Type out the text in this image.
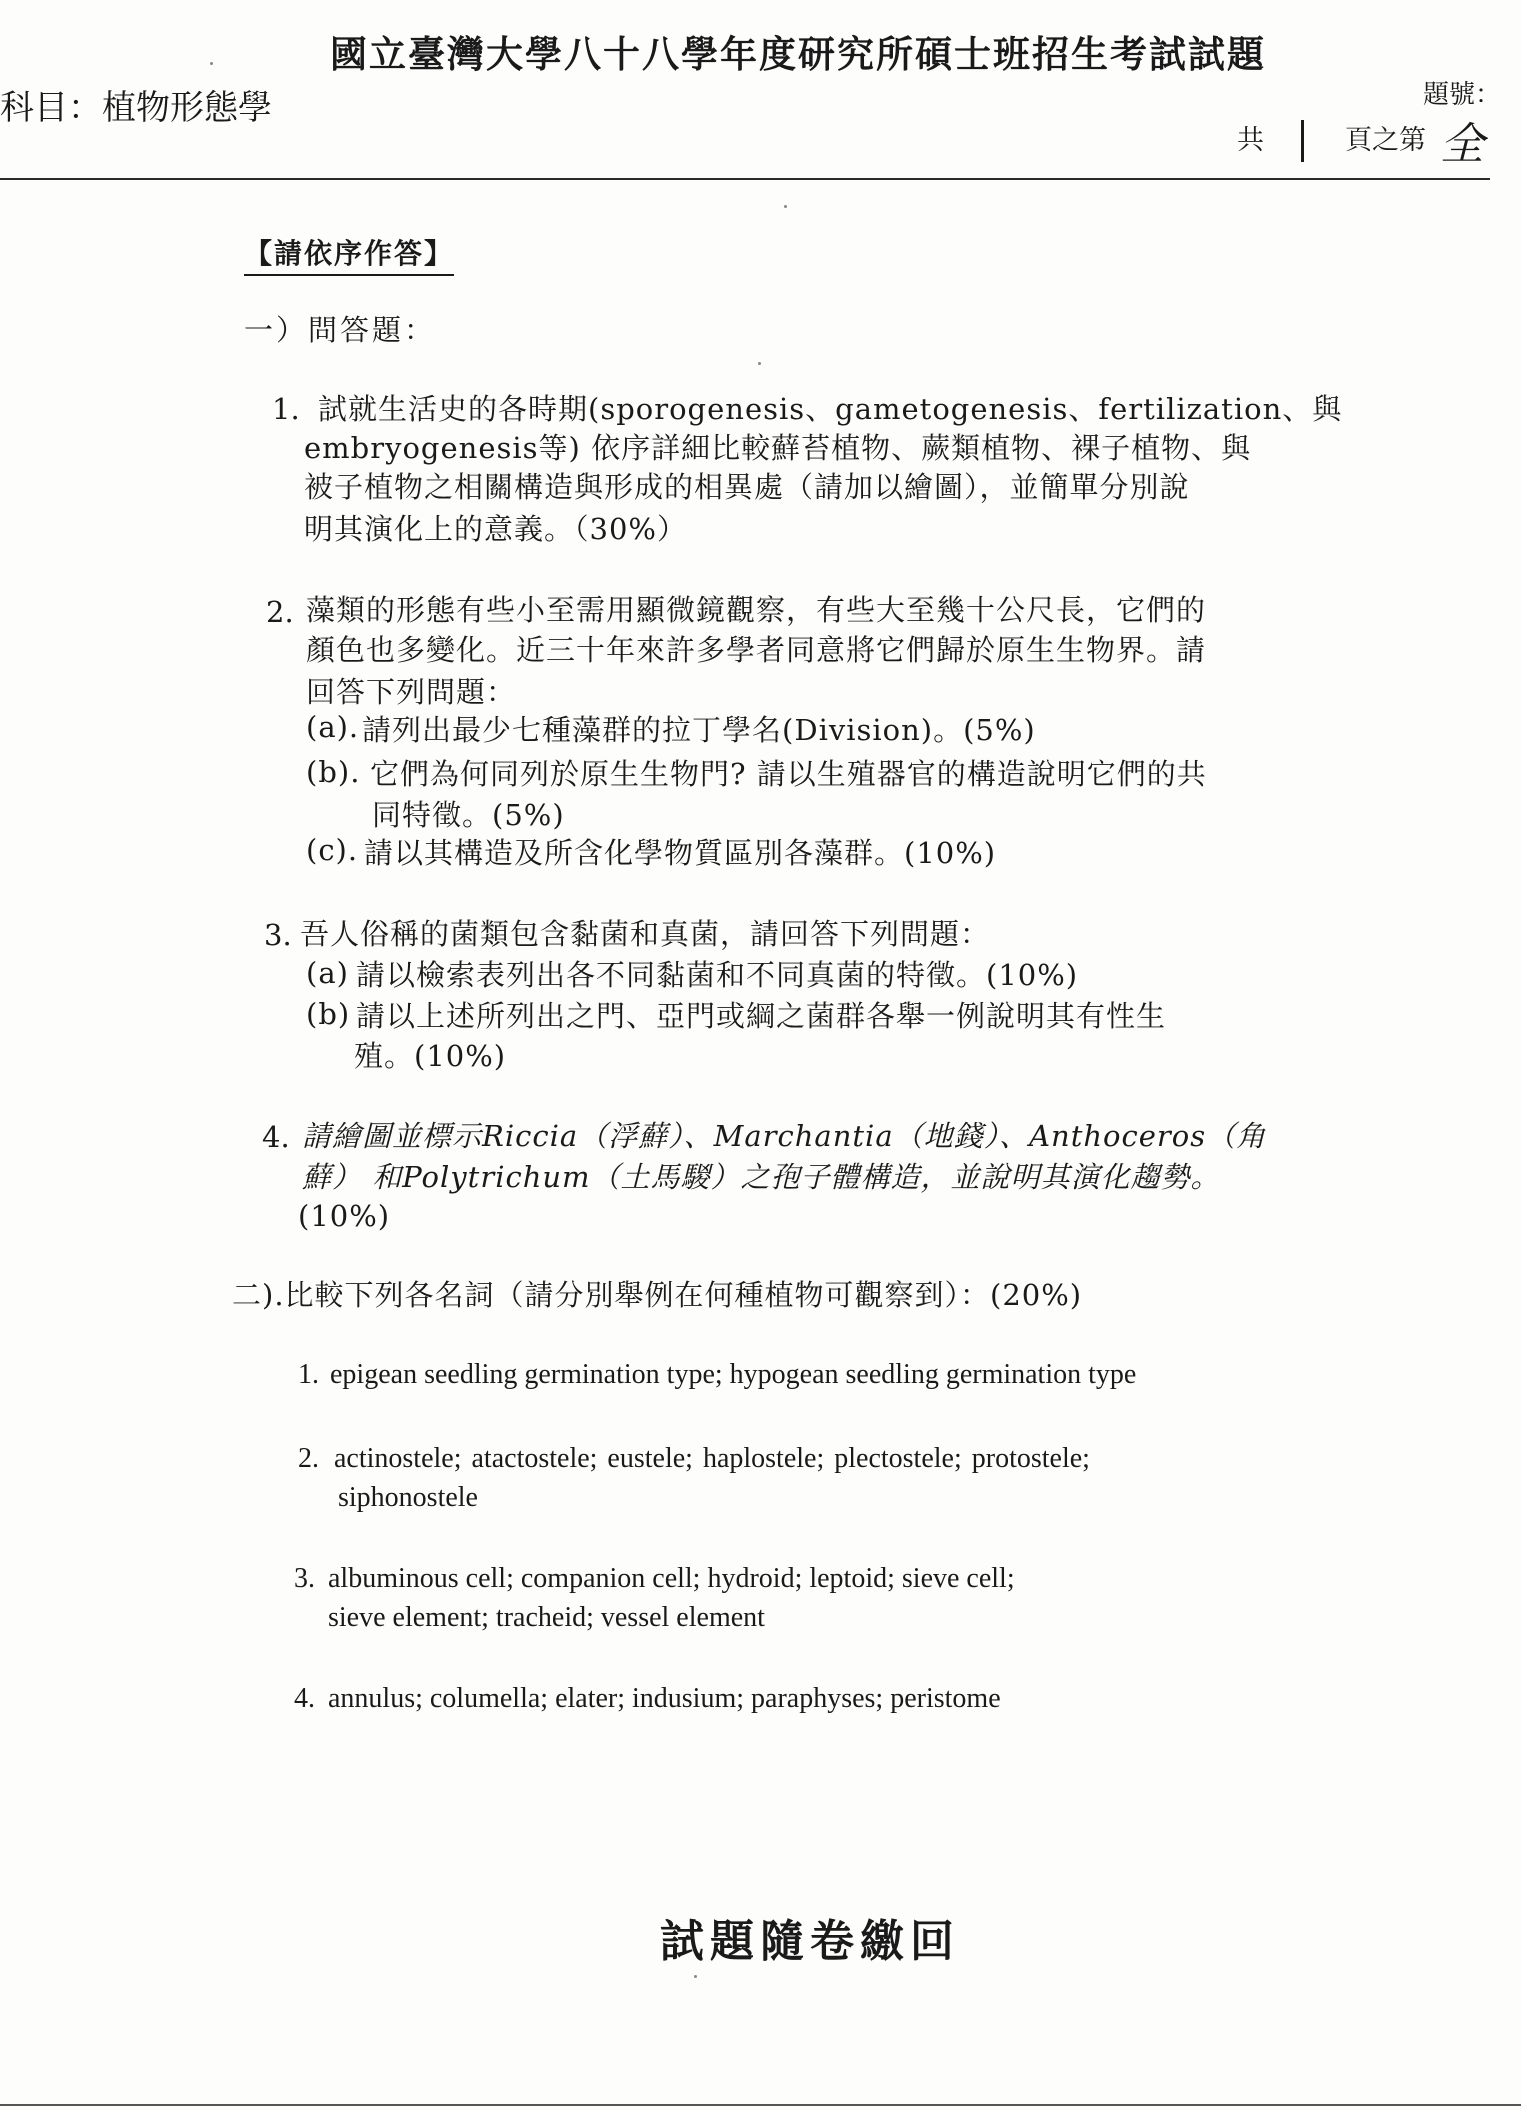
國立臺灣大學八十八學年度研究所碩士班招生考試試題
科目：植物形態學	題號：
共	頁之第 全
【請依序作答】
一）問答題：
1. 試就生活史的各時期(sporogenesis、gametogenesis、fertilization、與
embryogenesis等) 依序詳細比較蘚苔植物、蕨類植物、裸子植物、與
被子植物之相關構造與形成的相異處（請加以繪圖），並簡單分別說
明其演化上的意義。（30%）
2. 藻類的形態有些小至需用顯微鏡觀察，有些大至幾十公尺長，它們的
顏色也多變化。近三十年來許多學者同意將它們歸於原生生物界。請
回答下列問題：
(a). 請列出最少七種藻群的拉丁學名(Division)。(5%)
(b). 它們為何同列於原生生物門? 請以生殖器官的構造說明它們的共
同特徵。(5%)
(c). 請以其構造及所含化學物質區別各藻群。(10%)
3. 吾人俗稱的菌類包含黏菌和真菌，請回答下列問題：
(a) 請以檢索表列出各不同黏菌和不同真菌的特徵。(10%)
(b) 請以上述所列出之門、亞門或綱之菌群各舉一例說明其有性生
殖。(10%)
4. 請繪圖並標示Riccia（浮蘚）、Marchantia（地錢）、Anthoceros（角
蘚） 和Polytrichum（土馬騣）之孢子體構造，並說明其演化趨勢。
(10%)
二).比較下列各名詞（請分別舉例在何種植物可觀察到）：(20%)
1. epigean seedling germination type; hypogean seedling germination type
2. actinostele; atactostele; eustele; haplostele; plectostele; protostele;
siphonostele
3. albuminous cell; companion cell; hydroid; leptoid; sieve cell;
sieve element; tracheid; vessel element
4. annulus; columella; elater; indusium; paraphyses; peristome
試題隨卷繳回
